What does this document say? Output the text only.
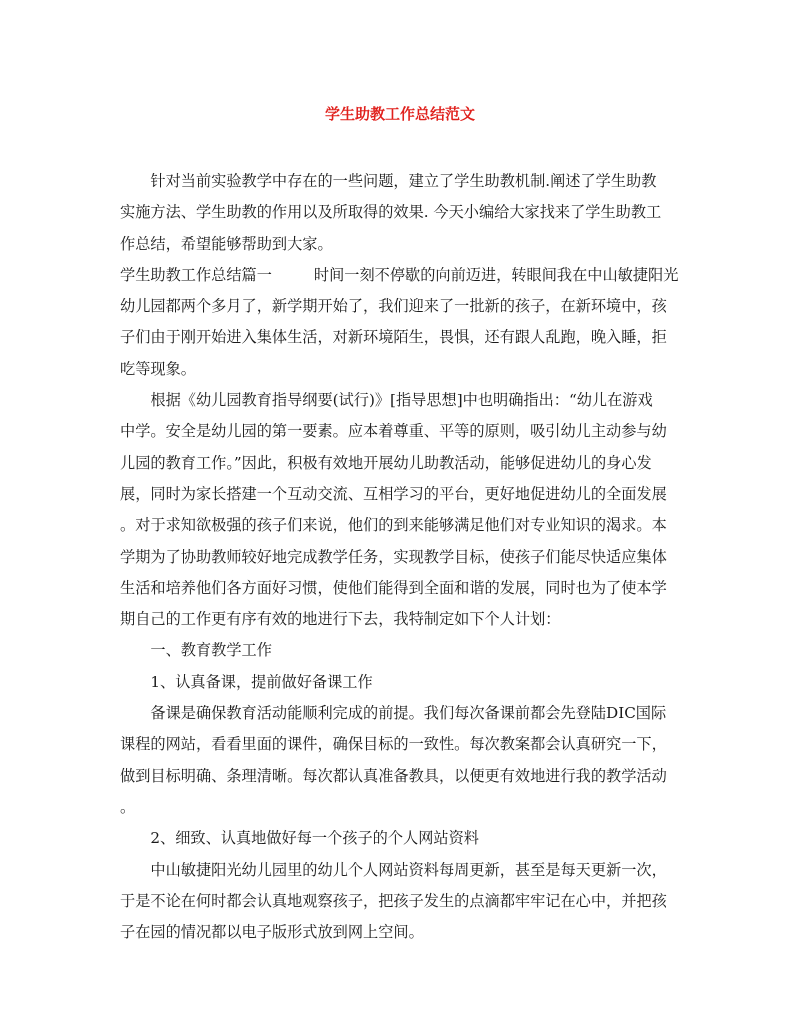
学生助教工作总结范文
针对当前实验教学中存在的一些问题，建立了学生助教机制.阐述了学生助教
实施方法、学生助教的作用以及所取得的效果. 今天小编给大家找来了学生助教工
作总结，希望能够帮助到大家。
学生助教工作总结篇一	时间一刻不停歇的向前迈进，转眼间我在中山敏捷阳光
幼儿园都两个多月了，新学期开始了，我们迎来了一批新的孩子，在新环境中，孩
子们由于刚开始进入集体生活，对新环境陌生，畏惧，还有跟人乱跑，晚入睡，拒
吃等现象。
根据《幼儿园教育指导纲要(试行)》[指导思想]中也明确指出：“幼儿在游戏
中学。安全是幼儿园的第一要素。应本着尊重、平等的原则，吸引幼儿主动参与幼
儿园的教育工作。”因此，积极有效地开展幼儿助教活动，能够促进幼儿的身心发
展，同时为家长搭建一个互动交流、互相学习的平台，更好地促进幼儿的全面发展
。对于求知欲极强的孩子们来说，他们的到来能够满足他们对专业知识的渴求。本
学期为了协助教师较好地完成教学任务，实现教学目标，使孩子们能尽快适应集体
生活和培养他们各方面好习惯，使他们能得到全面和谐的发展，同时也为了使本学
期自己的工作更有序有效的地进行下去，我特制定如下个人计划：
一、教育教学工作
1、认真备课，提前做好备课工作
备课是确保教育活动能顺利完成的前提。我们每次备课前都会先登陆DIC国际
课程的网站，看看里面的课件，确保目标的一致性。每次教案都会认真研究一下，
做到目标明确、条理清晰。每次都认真准备教具，以便更有效地进行我的教学活动
。
2、细致、认真地做好每一个孩子的个人网站资料
中山敏捷阳光幼儿园里的幼儿个人网站资料每周更新，甚至是每天更新一次，
于是不论在何时都会认真地观察孩子，把孩子发生的点滴都牢牢记在心中，并把孩
子在园的情况都以电子版形式放到网上空间。
